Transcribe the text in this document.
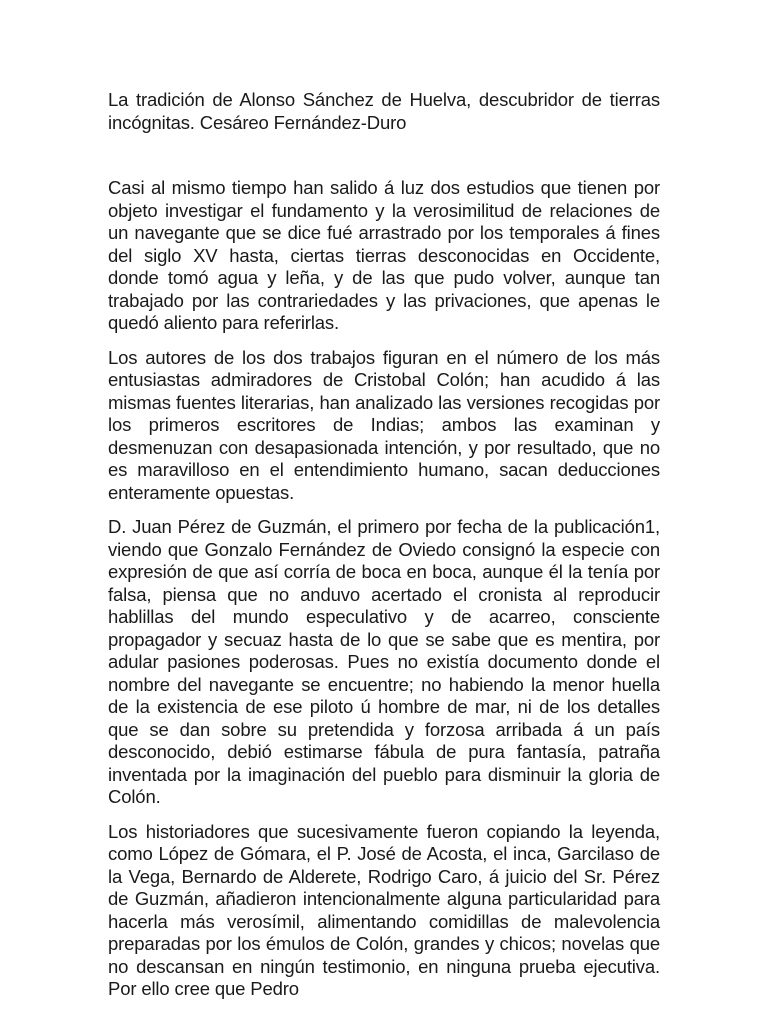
La tradición de Alonso Sánchez de Huelva, descubridor de tierras incógnitas. Cesáreo Fernández-Duro

Casi al mismo tiempo han salido á luz dos estudios que tienen por objeto investigar el fundamento y la verosimilitud de relaciones de un navegante que se dice fué arrastrado por los temporales á fines del siglo XV hasta, ciertas tierras desconocidas en Occidente, donde tomó agua y leña, y de las que pudo volver, aunque tan trabajado por las contrariedades y las privaciones, que apenas le quedó aliento para referirlas.

Los autores de los dos trabajos figuran en el número de los más entusiastas admiradores de Cristobal Colón; han acudido á las mismas fuentes literarias, han analizado las versiones recogidas por los primeros escritores de Indias; ambos las examinan y desmenuzan con desapasionada intención, y por resultado, que no es maravilloso en el entendimiento humano, sacan deducciones enteramente opuestas.

D. Juan Pérez de Guzmán, el primero por fecha de la publicación1, viendo que Gonzalo Fernández de Oviedo consignó la especie con expresión de que así corría de boca en boca, aunque él la tenía por falsa, piensa que no anduvo acertado el cronista al reproducir hablillas del mundo especulativo y de acarreo, consciente propagador y secuaz hasta de lo que se sabe que es mentira, por adular pasiones poderosas. Pues no existía documento donde el nombre del navegante se encuentre; no habiendo la menor huella de la existencia de ese piloto ú hombre de mar, ni de los detalles que se dan sobre su pretendida y forzosa arribada á un país desconocido, debió estimarse fábula de pura fantasía, patraña inventada por la imaginación del pueblo para disminuir la gloria de Colón.

Los historiadores que sucesivamente fueron copiando la leyenda, como López de Gómara, el P. José de Acosta, el inca, Garcilaso de la Vega, Bernardo de Alderete, Rodrigo Caro, á juicio del Sr. Pérez de Guzmán, añadieron intencionalmente alguna particularidad para hacerla más verosímil, alimentando comidillas de malevolencia preparadas por los émulos de Colón, grandes y chicos; novelas que no descansan en ningún testimonio, en ninguna prueba ejecutiva. Por ello cree que Pedro
